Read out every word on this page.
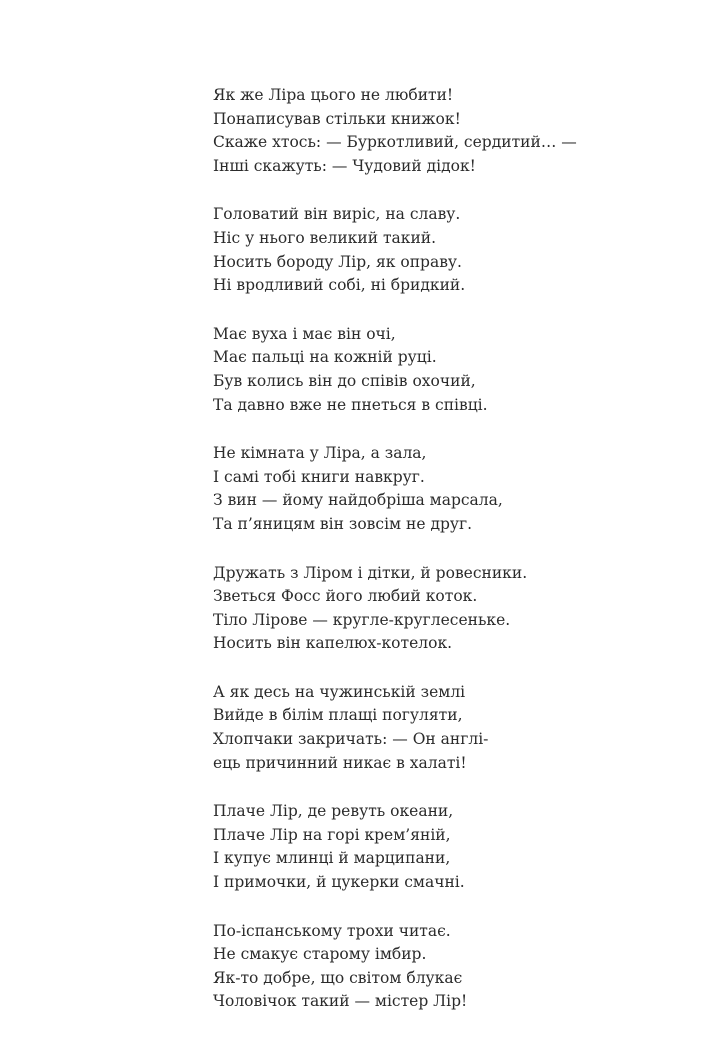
Як же Ліра цього не любити!
Понаписував стільки книжок!
Скаже хтось: — Буркотливий, сердитий… —
Інші скажуть: — Чудовий дідок!
Головатий він виріс, на славу.
Ніс у нього великий такий.
Носить бороду Лір, як оправу.
Ні вродливий собі, ні бридкий.
Має вуха і має він очі,
Має пальці на кожній руці.
Був колись він до співів охочий,
Та давно вже не пнеться в співці.
Не кімната у Ліра, а зала,
І самі тобі книги навкруг.
З вин — йому найдобріша марсала,
Та п’яницям він зовсім не друг.
Дружать з Ліром і дітки, й ровесники.
Зветься Фосс його любий коток.
Тіло Лірове — кругле-круглесеньке.
Носить він капелюх-котелок.
А як десь на чужинській землі
Вийде в білім плащі погуляти,
Хлопчаки закричать: — Он англі-
ець причинний никає в халаті!
Плаче Лір, де ревуть океани,
Плаче Лір на горі крем’яній,
І купує млинці й марципани,
І примочки, й цукерки смачні.
По-іспанському трохи читає.
Не смакує старому імбир.
Як-то добре, що світом блукає
Чоловічок такий — містер Лір!
